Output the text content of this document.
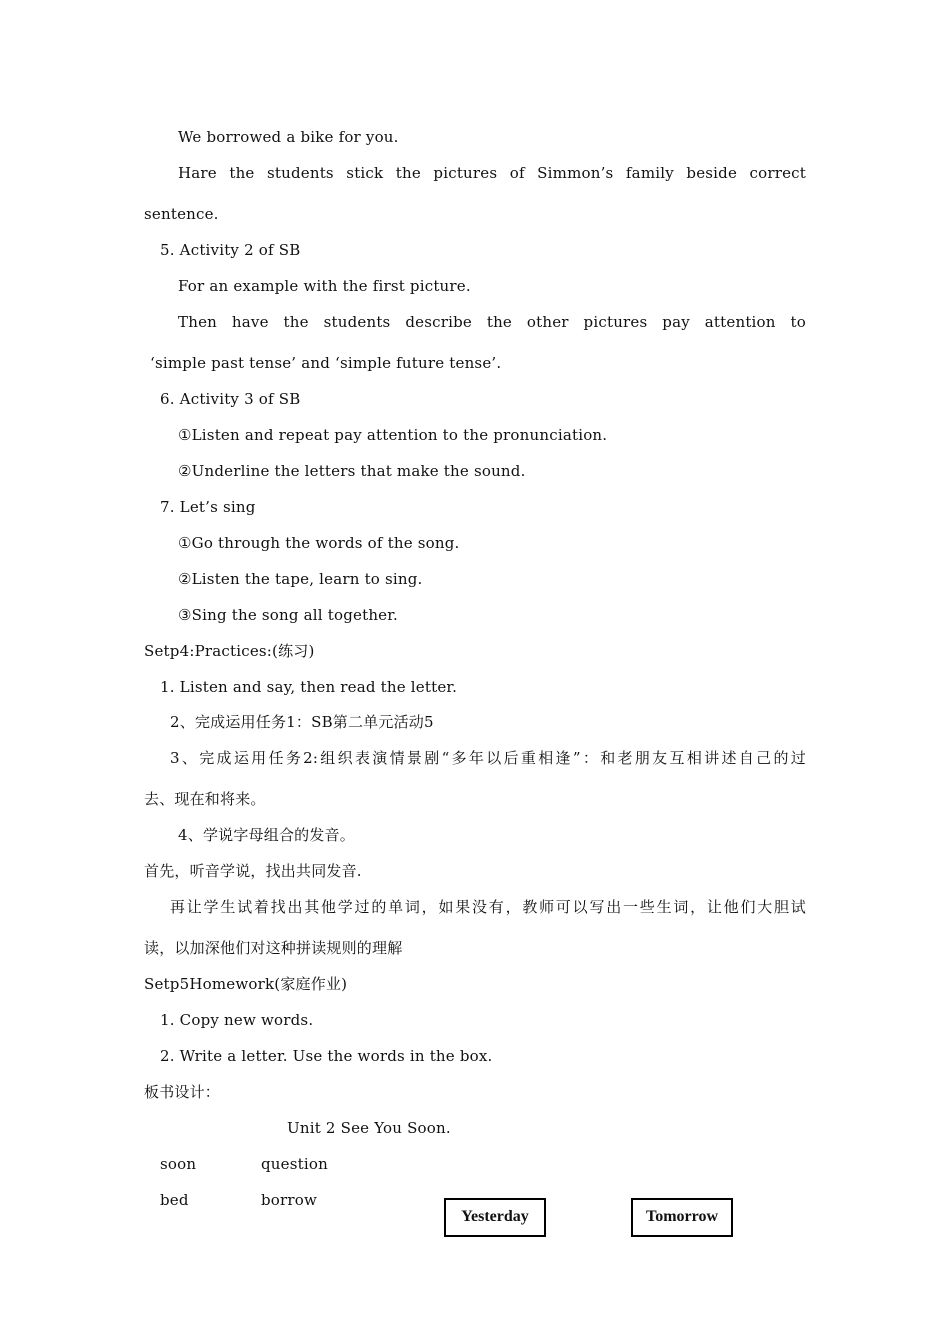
We borrowed a bike for you.
Hare the students stick the pictures of Simmon’s family beside correct
sentence.
5. Activity 2 of SB
For an example with the first picture.
Then have the students describe the other pictures pay attention to
‘simple past tense’ and ‘simple future tense’.
6. Activity 3 of SB
①Listen and repeat pay attention to the pronunciation.
②Underline the letters that make the sound.
7. Let’s sing
①Go through the words of the song.
②Listen the tape, learn to sing.
③Sing the song all together.
Setp4:Practices:(练习)
1. Listen and say, then read the letter.
2、完成运用任务1：SB第二单元活动5
3、完成运用任务2:组织表演情景剧“多年以后重相逢”：和老朋友互相讲述自己的过
去、现在和将来。
4、学说字母组合的发音。
首先，听音学说，找出共同发音.
再让学生试着找出其他学过的单词，如果没有，教师可以写出一些生词，让他们大胆试
读，以加深他们对这种拼读规则的理解
Setp5Homework(家庭作业)
1. Copy new words.
2. Write a letter. Use the words in the box.
板书设计：
Unit 2 See You Soon.
soon	question
bed	borrow
Yesterday	Tomorrow
